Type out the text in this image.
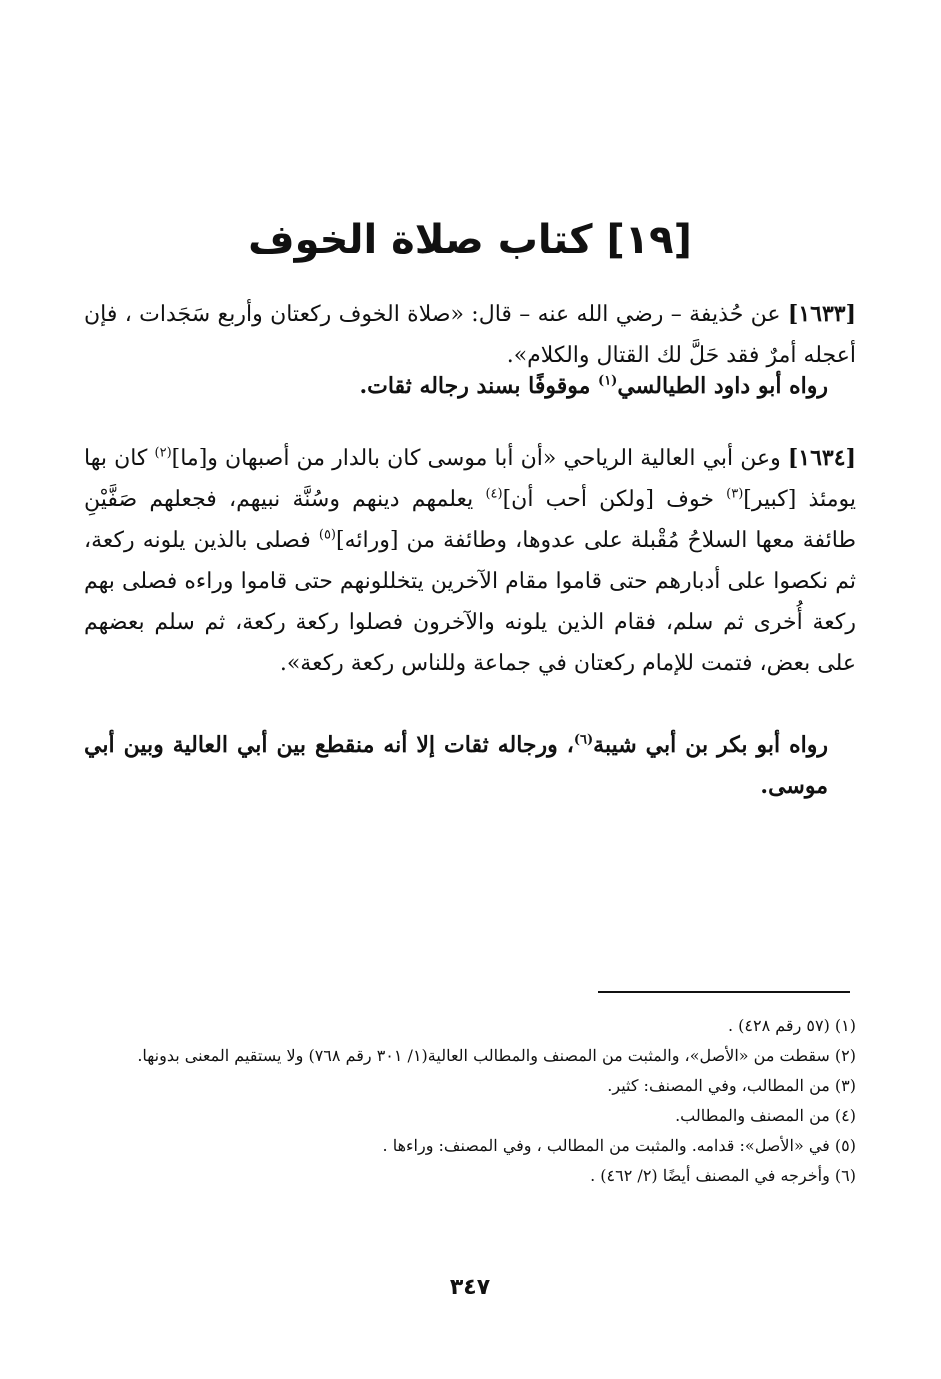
[١٩] كتاب صلاة الخوف
[١٦٣٣] عن حُذيفة – رضي الله عنه – قال: «صلاة الخوف ركعتان وأربع سَجَدات ، فإن أعجله أمرٌ فقد حَلَّ لك القتال والكلام».
رواه أبو داود الطيالسي$^{(١)}$ موقوفًا بسند رجاله ثقات.
[١٦٣٤] وعن أبي العالية الرياحي «أن أبا موسى كان بالدار من أصبهان و[ما]$^{(٢)}$ كان بها يومئذ [كبير]$^{(٣)}$ خوف [ولكن أحب أن]$^{(٤)}$ يعلمهم دينهم وسُنَّة نبيهم، فجعلهم صَفَّيْنِ طائفة معها السلاحُ مُقْبلة على عدوها، وطائفة من [ورائه]$^{(٥)}$ فصلى بالذين يلونه ركعة، ثم نكصوا على أدبارهم حتى قاموا مقام الآخرين يتخللونهم حتى قاموا وراءه فصلى بهم ركعة أُخرى ثم سلم، فقام الذين يلونه والآخرون فصلوا ركعة ركعة، ثم سلم بعضهم على بعض، فتمت للإمام ركعتان في جماعة وللناس ركعة ركعة».
رواه أبو بكر بن أبي شيبة$^{(٦)}$، ورجاله ثقات إلا أنه منقطع بين أبي العالية وبين أبي موسى.
(١) (٥٧ رقم ٤٢٨) .
(٢) سقطت من «الأصل»، والمثبت من المصنف والمطالب العالية(١/ ٣٠١ رقم ٧٦٨) ولا يستقيم المعنى بدونها.
(٣) من المطالب، وفي المصنف: كثير.
(٤) من المصنف والمطالب.
(٥) في «الأصل»: قدامه. والمثبت من المطالب ، وفي المصنف: وراءها .
(٦) وأخرجه في المصنف أيضًا (٢/ ٤٦٢) .
٣٤٧
